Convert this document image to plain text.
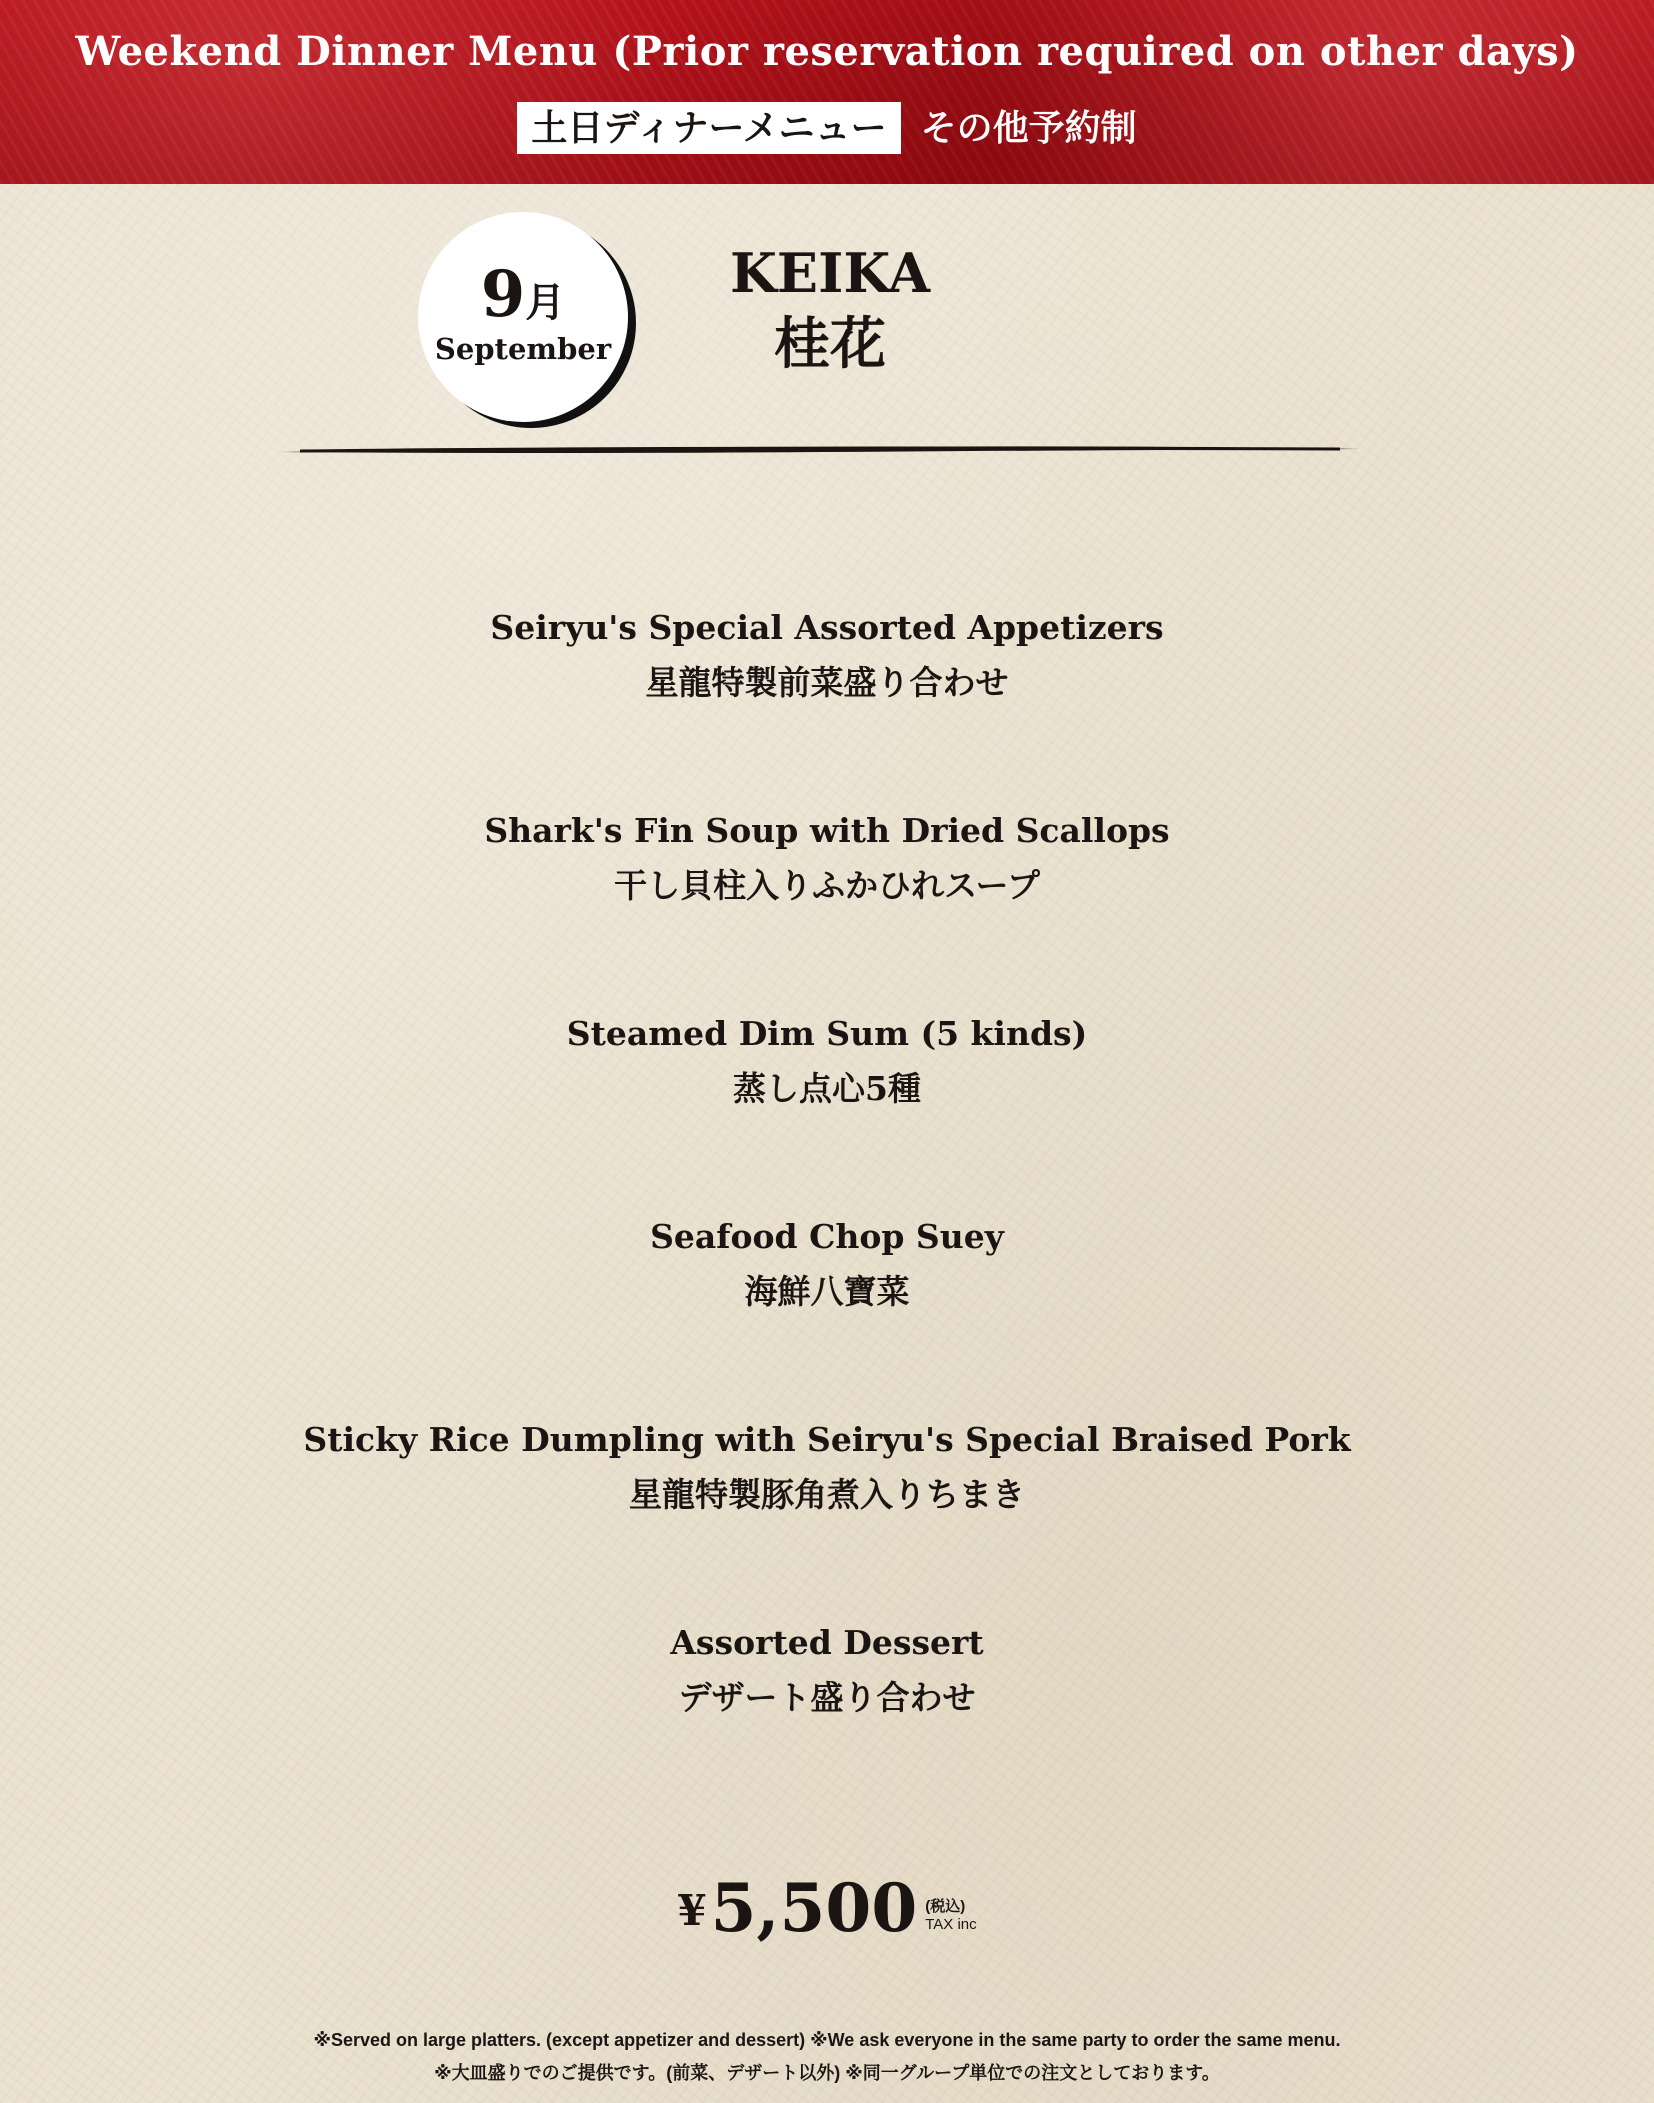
Weekend Dinner Menu (Prior reservation required on other days)
土日ディナーメニュー その他予約制
9 月
September
KEIKA
桂花
Seiryu's Special Assorted Appetizers
星龍特製前菜盛り合わせ
Shark's Fin Soup with Dried Scallops
干し貝柱入りふかひれスープ
Steamed Dim Sum (5 kinds)
蒸し点心5種
Seafood Chop Suey
海鮮八寶菜
Sticky Rice Dumpling with Seiryu's Special Braised Pork
星龍特製豚角煮入りちまき
Assorted Dessert
デザート盛り合わせ
¥ 5,500 (税込)
TAX inc
※Served on large platters. (except appetizer and dessert) ※We ask everyone in the same party to order the same menu.
※大皿盛りでのご提供です。(前菜、デザート以外) ※同一グループ単位での注文としております。
